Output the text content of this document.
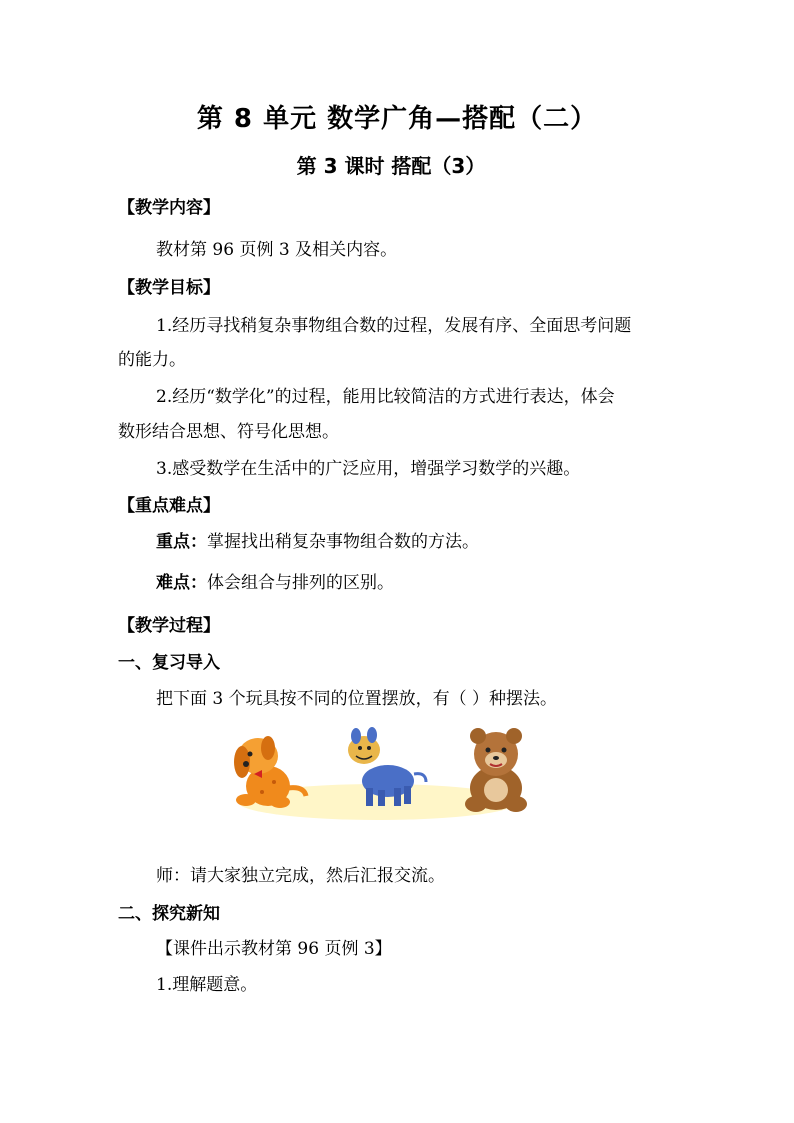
第 8 单元 数学广角—搭配（二）
第 3 课时 搭配（3）
【教学内容】
教材第 96 页例 3 及相关内容。
【教学目标】
1.经历寻找稍复杂事物组合数的过程，发展有序、全面思考问题
的能力。
2.经历“数学化”的过程，能用比较简洁的方式进行表达，体会
数形结合思想、符号化思想。
3.感受数学在生活中的广泛应用，增强学习数学的兴趣。
【重点难点】
重点：掌握找出稍复杂事物组合数的方法。
难点：体会组合与排列的区别。
【教学过程】
一、复习导入
把下面 3 个玩具按不同的位置摆放，有（ ）种摆法。
师：请大家独立完成，然后汇报交流。
二、探究新知
【课件出示教材第 96 页例 3】
1.理解题意。
